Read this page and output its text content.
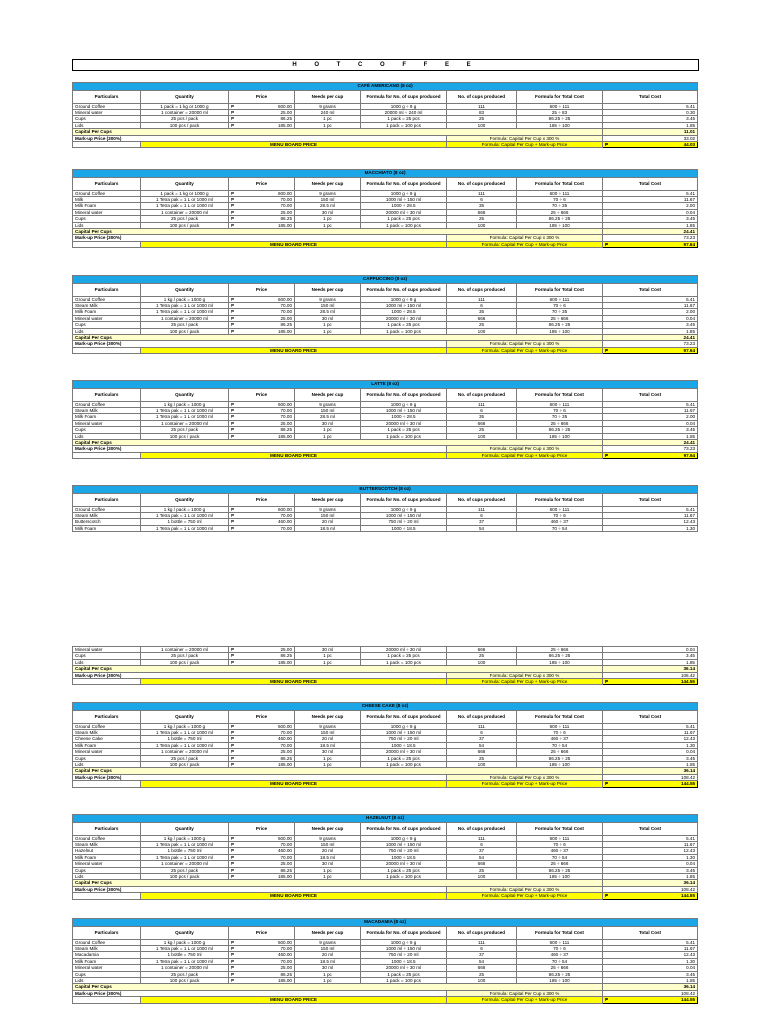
H O T C O F F E E
CAFÉ AMERICANO (8 oz)							
Particulars	Quantity	Price	Needs per cup	Formula for No. of cups produced	No. of cups produced	Formula for Total Cost	Total Cost
Ground Coffee	1 pack = 1 kg or 1000 g	₱ 600.00	9 grams	1000 g ÷ 9 g	111	600 ÷ 111	5.41
Mineral water	1 container = 20000 ml	₱ 25.00	240 ml	20000 ml ÷ 240 ml	83	25 ÷ 83	0.30
Cups	25 pcs / pack	₱ 86.25	1 pc	1 pack = 25 pcs	25	86.25 ÷ 25	3.45
Lids	100 pcs / pack	₱ 185.00	1 pc	1 pack = 100 pcs	100	185 ÷ 100	1.85
Capital Per Cups							11.01
Mark-up Price (300%)					Formula: Capital Per Cup x 300 %		33.02
	MENU BOARD PRICE				Formula: Capital Per Cup + Mark-up Price		₱ 44.03
MACCHIATO (8 oz)							
Particulars	Quantity	Price	Needs per cup	Formula for No. of cups produced	No. of cups produced	Formula for Total Cost	Total Cost
Ground Coffee	1 pack = 1 kg or 1000 g	₱ 600.00	9 grams	1000 g ÷ 9 g	111	600 ÷ 111	5.41
Milk	1 Tetra pak = 1 L or 1000 ml	₱ 70.00	150 ml	1000 ml ÷ 150 ml	6	70 ÷ 6	11.67
Milk Foam	1 Tetra pak = 1 L or 1000 ml	₱ 70.00	28.5 ml	1000 ÷ 28.5	35	70 ÷ 35	2.00
Mineral water	1 container = 20000 ml	₱ 25.00	30 ml	20000 ml ÷ 30 ml	666	25 ÷ 666	0.04
Cups	25 pcs / pack	₱ 86.25	1 pc	1 pack = 25 pcs	25	86.25 ÷ 25	3.45
Lids	100 pcs / pack	₱ 185.00	1 pc	1 pack = 100 pcs	100	185 ÷ 100	1.85
Capital Per Cups							24.41
Mark-up Price (300%)					Formula: Capital Per Cup x 300 %		73.23
	MENU BOARD PRICE				Formula: Capital Per Cup + Mark-up Price		₱ 97.64
CAPPUCCINO (8 oz)							
Particulars	Quantity	Price	Needs per cup	Formula for No. of cups produced	No. of cups produced	Formula for Total Cost	Total Cost
Ground Coffee	1 kg / pack = 1000 g	₱ 600.00	9 grams	1000 g ÷ 9 g	111	600 ÷ 111	5.41
Steam Milk	1 Tetra pak = 1 L or 1000 ml	₱ 70.00	150 ml	1000 ml ÷ 150 ml	6	70 ÷ 6	11.67
Milk Foam	1 Tetra pak = 1 L or 1000 ml	₱ 70.00	28.5 ml	1000 ÷ 28.5	35	70 ÷ 35	2.00
Mineral water	1 container = 20000 ml	₱ 25.00	30 ml	20000 ml ÷ 30 ml	666	25 ÷ 666	0.04
Cups	25 pcs / pack	₱ 86.25	1 pc	1 pack = 25 pcs	25	86.25 ÷ 25	3.45
Lids	100 pcs / pack	₱ 185.00	1 pc	1 pack = 100 pcs	100	185 ÷ 100	1.85
Capital Per Cups							24.41
Mark-up Price (300%)					Formula: Capital Per Cup x 300 %		73.23
	MENU BOARD PRICE				Formula: Capital Per Cup + Mark-up Price		₱ 97.64
LATTE (8 oz)							
Particulars	Quantity	Price	Needs per cup	Formula for No. of cups produced	No. of cups produced	Formula for Total Cost	Total Cost
Ground Coffee	1 kg / pack = 1000 g	₱ 600.00	9 grams	1000 g ÷ 9 g	111	600 ÷ 111	5.41
Steam Milk	1 Tetra pak = 1 L or 1000 ml	₱ 70.00	150 ml	1000 ml ÷ 150 ml	6	70 ÷ 6	11.67
Milk Foam	1 Tetra pak = 1 L or 1000 ml	₱ 70.00	28.5 ml	1000 ÷ 28.5	35	70 ÷ 35	2.00
Mineral water	1 container = 20000 ml	₱ 25.00	30 ml	20000 ml ÷ 30 ml	666	25 ÷ 666	0.04
Cups	25 pcs / pack	₱ 86.25	1 pc	1 pack = 25 pcs	25	86.25 ÷ 25	3.45
Lids	100 pcs / pack	₱ 185.00	1 pc	1 pack = 100 pcs	100	185 ÷ 100	1.85
Capital Per Cups							24.41
Mark-up Price (300%)					Formula: Capital Per Cup x 300 %		73.23
	MENU BOARD PRICE				Formula: Capital Per Cup + Mark-up Price		₱ 97.64
BUTTERSCOTCH (8 oz)							
Particulars	Quantity	Price	Needs per cup	Formula for No. of cups produced	No. of cups produced	Formula for Total Cost	Total Cost
Ground Coffee	1 kg / pack = 1000 g	₱ 600.00	9 grams	1000 g ÷ 9 g	111	600 ÷ 111	5.41
Steam Milk	1 Tetra pak = 1 L or 1000 ml	₱ 70.00	150 ml	1000 ml ÷ 150 ml	6	70 ÷ 6	11.67
Butterscotch	1 bottle = 750 ml	₱ 460.00	20 ml	750 ml ÷ 20 ml	37	460 ÷ 37	12.43
Milk Foam	1 Tetra pak = 1 L or 1000 ml	₱ 70.00	18.5 ml	1000 ÷ 18.5	54	70 ÷ 54	1.30
Mineral water	1 container = 20000 ml	₱ 25.00	30 ml	20000 ml ÷ 30 ml	666	25 ÷ 666	0.04
Cups	25 pcs / pack	₱ 86.25	1 pc	1 pack = 25 pcs	25	86.25 ÷ 25	3.45
Lids	100 pcs / pack	₱ 185.00	1 pc	1 pack = 100 pcs	100	185 ÷ 100	1.85
Capital Per Cups							36.14
Mark-up Price (300%)					Formula: Capital Per Cup x 300 %		108.42
	MENU BOARD PRICE				Formula: Capital Per Cup + Mark-up Price		₱ 144.55
CHEESE CAKE (8 oz)							
Particulars	Quantity	Price	Needs per cup	Formula for No. of cups produced	No. of cups produced	Formula for Total Cost	Total Cost
Ground Coffee	1 kg / pack = 1000 g	₱ 600.00	9 grams	1000 g ÷ 9 g	111	600 ÷ 111	5.41
Steam Milk	1 Tetra pak = 1 L or 1000 ml	₱ 70.00	150 ml	1000 ml ÷ 150 ml	6	70 ÷ 6	11.67
Cheese Cake	1 bottle = 750 ml	₱ 460.00	20 ml	750 ml ÷ 20 ml	37	460 ÷ 37	12.43
Milk Foam	1 Tetra pak = 1 L or 1000 ml	₱ 70.00	18.5 ml	1000 ÷ 18.5	54	70 ÷ 54	1.30
Mineral water	1 container = 20000 ml	₱ 25.00	30 ml	20000 ml ÷ 30 ml	666	25 ÷ 666	0.04
Cups	25 pcs / pack	₱ 86.25	1 pc	1 pack = 25 pcs	25	86.25 ÷ 25	3.45
Lids	100 pcs / pack	₱ 185.00	1 pc	1 pack = 100 pcs	100	185 ÷ 100	1.85
Capital Per Cups							36.14
Mark-up Price (300%)					Formula: Capital Per Cup x 300 %		108.42
	MENU BOARD PRICE				Formula: Capital Per Cup + Mark-up Price		₱ 144.55
HAZELNUT (8 oz)							
Particulars	Quantity	Price	Needs per cup	Formula for No. of cups produced	No. of cups produced	Formula for Total Cost	Total Cost
Ground Coffee	1 kg / pack = 1000 g	₱ 600.00	9 grams	1000 g ÷ 9 g	111	600 ÷ 111	5.41
Steam Milk	1 Tetra pak = 1 L or 1000 ml	₱ 70.00	150 ml	1000 ml ÷ 150 ml	6	70 ÷ 6	11.67
Hazelnut	1 bottle = 750 ml	₱ 460.00	20 ml	750 ml ÷ 20 ml	37	460 ÷ 37	12.43
Milk Foam	1 Tetra pak = 1 L or 1000 ml	₱ 70.00	18.5 ml	1000 ÷ 18.5	54	70 ÷ 54	1.30
Mineral water	1 container = 20000 ml	₱ 25.00	30 ml	20000 ml ÷ 30 ml	666	25 ÷ 666	0.04
Cups	25 pcs / pack	₱ 86.25	1 pc	1 pack = 25 pcs	25	86.25 ÷ 25	3.45
Lids	100 pcs / pack	₱ 185.00	1 pc	1 pack = 100 pcs	100	185 ÷ 100	1.85
Capital Per Cups							36.14
Mark-up Price (300%)					Formula: Capital Per Cup x 300 %		108.42
	MENU BOARD PRICE				Formula: Capital Per Cup + Mark-up Price		₱ 144.55
MACADAMIA (8 oz)							
Particulars	Quantity	Price	Needs per cup	Formula for No. of cups produced	No. of cups produced	Formula for Total Cost	Total Cost
Ground Coffee	1 kg / pack = 1000 g	₱ 600.00	9 grams	1000 g ÷ 9 g	111	600 ÷ 111	5.41
Steam Milk	1 Tetra pak = 1 L or 1000 ml	₱ 70.00	150 ml	1000 ml ÷ 150 ml	6	70 ÷ 6	11.67
Macadamia	1 bottle = 750 ml	₱ 460.00	20 ml	750 ml ÷ 20 ml	37	460 ÷ 37	12.43
Milk Foam	1 Tetra pak = 1 L or 1000 ml	₱ 70.00	18.5 ml	1000 ÷ 18.5	54	70 ÷ 54	1.30
Mineral water	1 container = 20000 ml	₱ 25.00	30 ml	20000 ml ÷ 30 ml	666	25 ÷ 666	0.04
Cups	25 pcs / pack	₱ 86.25	1 pc	1 pack = 25 pcs	25	86.25 ÷ 25	3.45
Lids	100 pcs / pack	₱ 185.00	1 pc	1 pack = 100 pcs	100	185 ÷ 100	1.85
Capital Per Cups							36.14
Mark-up Price (300%)					Formula: Capital Per Cup x 300 %		108.42
	MENU BOARD PRICE				Formula: Capital Per Cup + Mark-up Price		₱ 144.55
